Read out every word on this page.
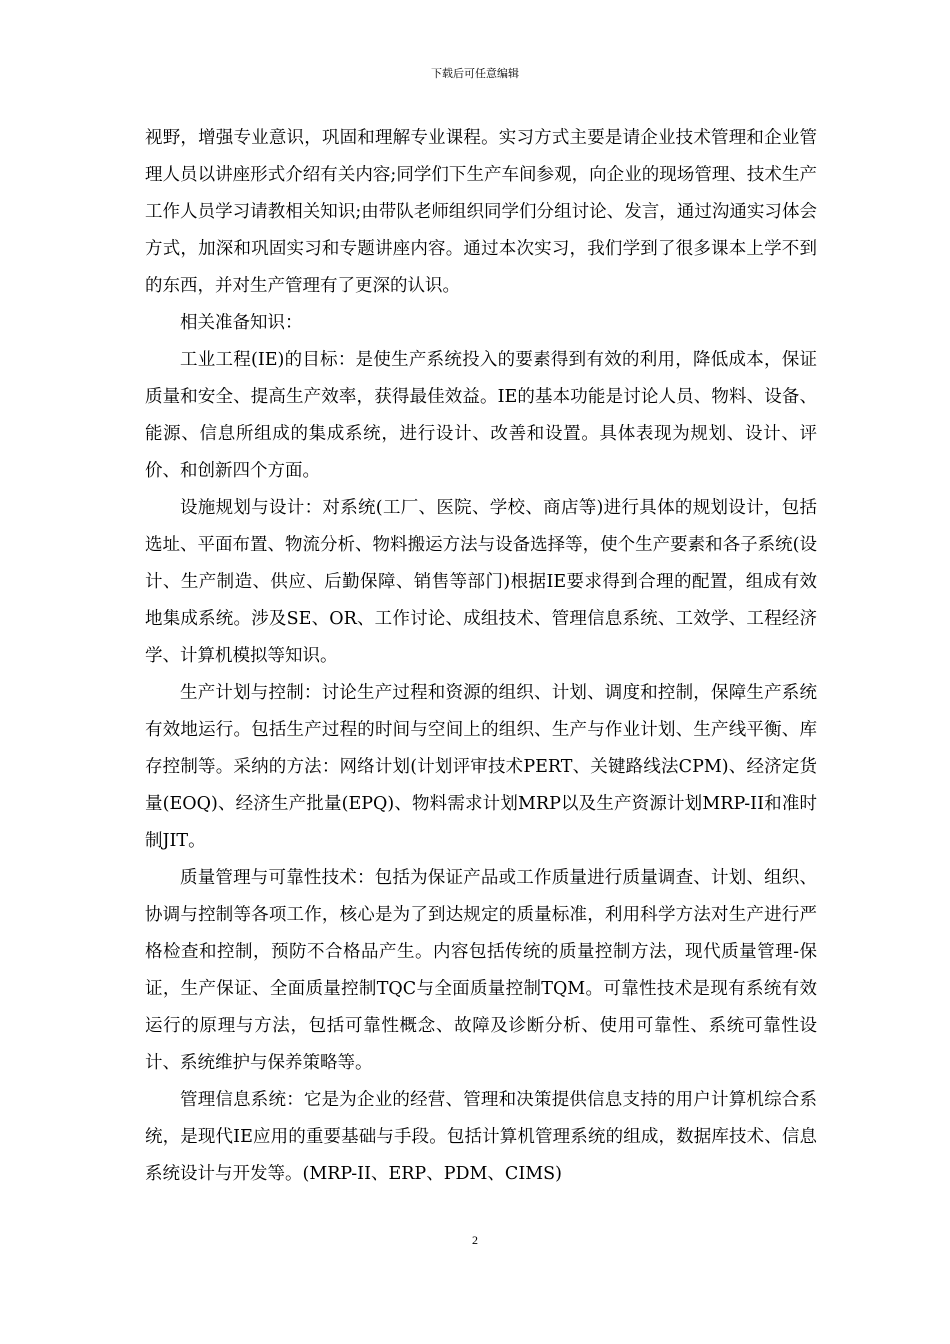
下载后可任意编辑

视野，增强专业意识，巩固和理解专业课程。实习方式主要是请企业技术管理和企业管理人员以讲座形式介绍有关内容;同学们下生产车间参观，向企业的现场管理、技术生产工作人员学习请教相关知识;由带队老师组织同学们分组讨论、发言，通过沟通实习体会方式，加深和巩固实习和专题讲座内容。通过本次实习，我们学到了很多课本上学不到的东西，并对生产管理有了更深的认识。

相关准备知识：

工业工程(IE)的目标：是使生产系统投入的要素得到有效的利用，降低成本，保证质量和安全、提高生产效率，获得最佳效益。IE的基本功能是讨论人员、物料、设备、能源、信息所组成的集成系统，进行设计、改善和设置。具体表现为规划、设计、评价、和创新四个方面。

设施规划与设计：对系统(工厂、医院、学校、商店等)进行具体的规划设计，包括选址、平面布置、物流分析、物料搬运方法与设备选择等，使个生产要素和各子系统(设计、生产制造、供应、后勤保障、销售等部门)根据IE要求得到合理的配置，组成有效地集成系统。涉及SE、OR、工作讨论、成组技术、管理信息系统、工效学、工程经济学、计算机模拟等知识。

生产计划与控制：讨论生产过程和资源的组织、计划、调度和控制，保障生产系统有效地运行。包括生产过程的时间与空间上的组织、生产与作业计划、生产线平衡、库存控制等。采纳的方法：网络计划(计划评审技术PERT、关键路线法CPM)、经济定货量(EOQ)、经济生产批量(EPQ)、物料需求计划MRP以及生产资源计划MRP-II和准时制JIT。

质量管理与可靠性技术：包括为保证产品或工作质量进行质量调查、计划、组织、协调与控制等各项工作，核心是为了到达规定的质量标准，利用科学方法对生产进行严格检查和控制，预防不合格品产生。内容包括传统的质量控制方法，现代质量管理-保证，生产保证、全面质量控制TQC与全面质量控制TQM。可靠性技术是现有系统有效运行的原理与方法，包括可靠性概念、故障及诊断分析、使用可靠性、系统可靠性设计、系统维护与保养策略等。

管理信息系统：它是为企业的经营、管理和决策提供信息支持的用户计算机综合系统，是现代IE应用的重要基础与手段。包括计算机管理系统的组成，数据库技术、信息系统设计与开发等。(MRP-II、ERP、PDM、CIMS)

2
